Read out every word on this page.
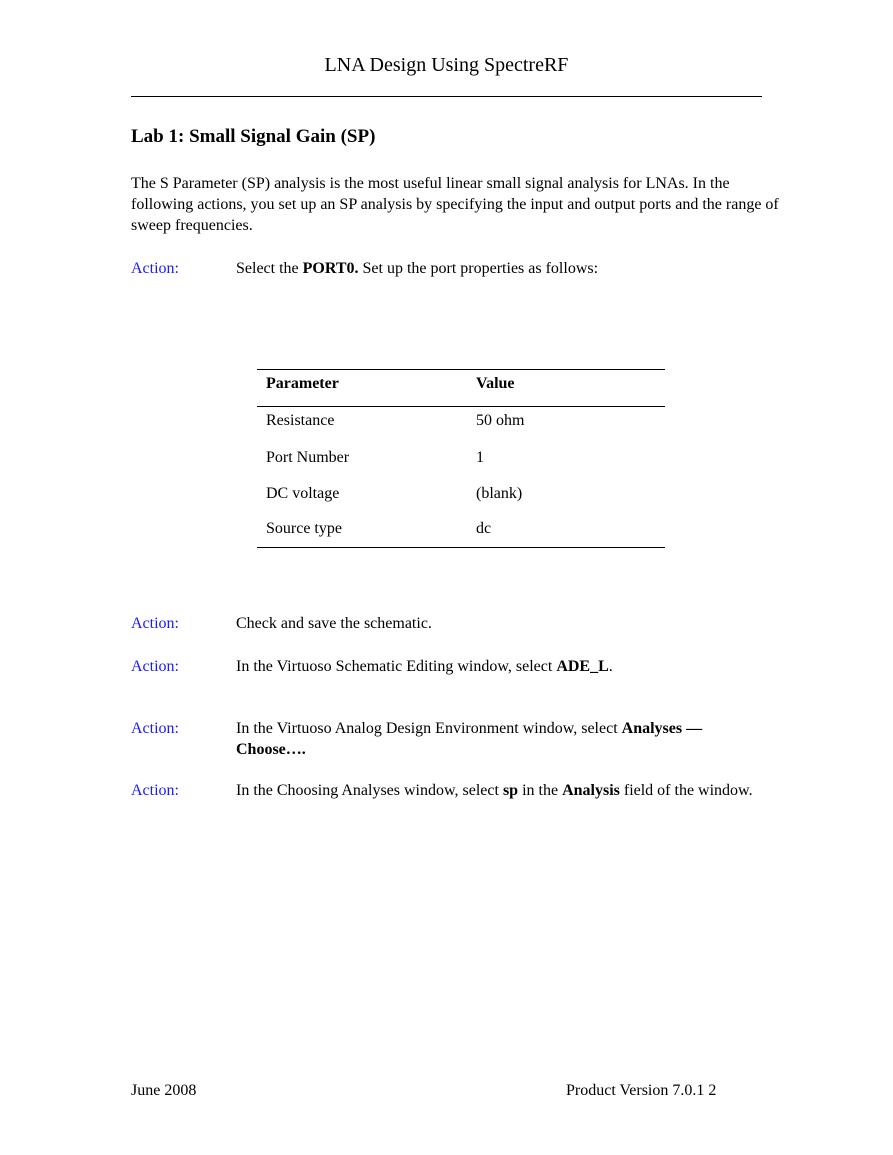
LNA Design Using SpectreRF
Lab 1: Small Signal Gain (SP)

The S Parameter (SP) analysis is the most useful linear small signal analysis for LNAs. In the following actions, you set up an SP analysis by specifying the input and output ports and the range of sweep frequencies.

Action:	Select the PORT0. Set up the port properties as follows:
Parameter	Value
Resistance	50 ohm
Port Number	1
DC voltage	(blank)
Source type	dc
Action:	Check and save the schematic.
Action:	In the Virtuoso Schematic Editing window, select ADE_L.
Action:	In the Virtuoso Analog Design Environment window, select Analyses — Choose….
Action:	In the Choosing Analyses window, select sp in the Analysis field of the window.
June 2008	Product Version 7.0.1 2
